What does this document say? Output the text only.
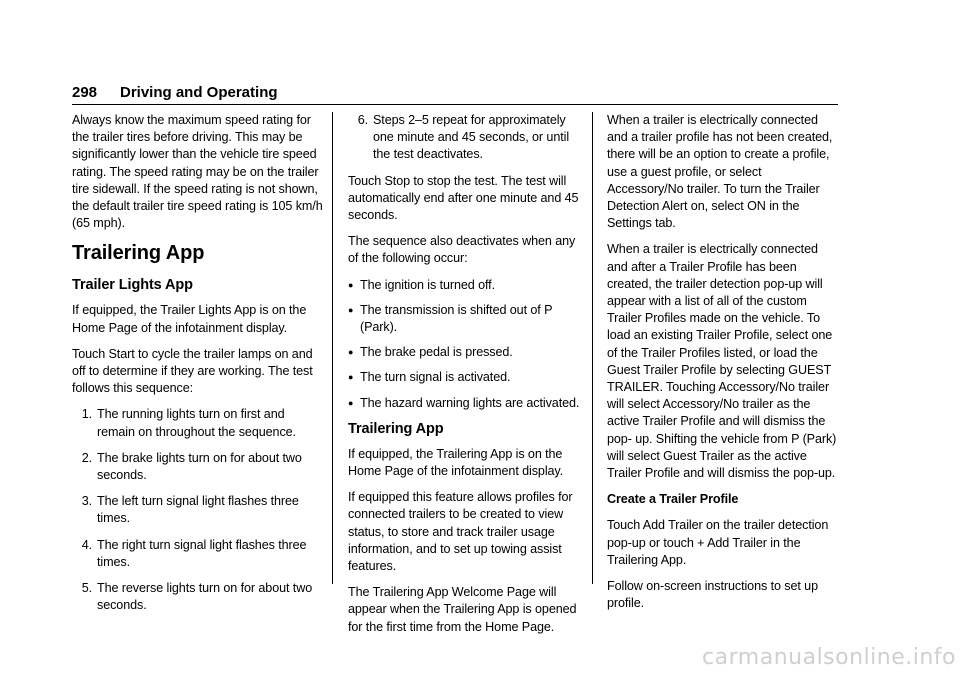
298 Driving and Operating

Always know the maximum speed rating for the trailer tires before driving. This may be significantly lower than the vehicle tire speed rating. The speed rating may be on the trailer tire sidewall. If the speed rating is not shown, the default trailer tire speed rating is 105 km/h (65 mph).

Trailering App
Trailer Lights App

If equipped, the Trailer Lights App is on the Home Page of the infotainment display.

Touch Start to cycle the trailer lamps on and off to determine if they are working. The test follows this sequence:

1. The running lights turn on first and remain on throughout the sequence.
2. The brake lights turn on for about two seconds.
3. The left turn signal light flashes three times.
4. The right turn signal light flashes three times.
5. The reverse lights turn on for about two seconds.
6. Steps 2–5 repeat for approximately one minute and 45 seconds, or until the test deactivates.

Touch Stop to stop the test. The test will automatically end after one minute and 45 seconds.

The sequence also deactivates when any of the following occur:

● The ignition is turned off.
● The transmission is shifted out of P (Park).
● The brake pedal is pressed.
● The turn signal is activated.
● The hazard warning lights are activated.
Trailering App

If equipped, the Trailering App is on the Home Page of the infotainment display.

If equipped this feature allows profiles for connected trailers to be created to view status, to store and track trailer usage information, and to set up towing assist features.

The Trailering App Welcome Page will appear when the Trailering App is opened for the first time from the Home Page.

When a trailer is electrically connected and a trailer profile has not been created, there will be an option to create a profile, use a guest profile, or select Accessory/No trailer. To turn the Trailer Detection Alert on, select ON in the Settings tab.

When a trailer is electrically connected and after a Trailer Profile has been created, the trailer detection pop-up will appear with a list of all of the custom Trailer Profiles made on the vehicle. To load an existing Trailer Profile, select one of the Trailer Profiles listed, or load the Guest Trailer Profile by selecting GUEST TRAILER. Touching Accessory/No trailer will select Accessory/No trailer as the active Trailer Profile and will dismiss the pop- up. Shifting the vehicle from P (Park) will select Guest Trailer as the active Trailer Profile and will dismiss the pop-up.

Create a Trailer Profile

Touch Add Trailer on the trailer detection pop-up or touch + Add Trailer in the Trailering App.

Follow on-screen instructions to set up profile.

carmanualsonline.info
